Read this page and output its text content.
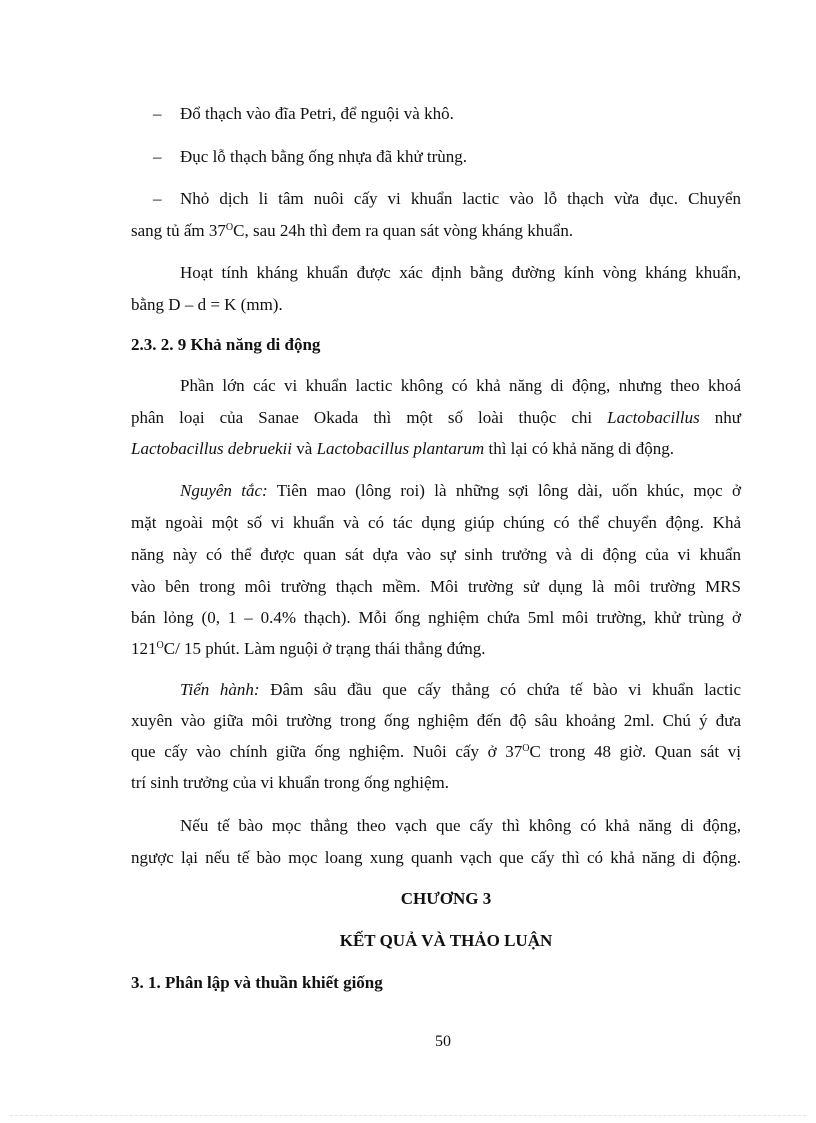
– Đổ thạch vào đĩa Petri, để nguội và khô.
– Đục lỗ thạch bằng ống nhựa đã khử trùng.
– Nhỏ dịch li tâm nuôi cấy vi khuẩn lactic vào lỗ thạch vừa đục. Chuyển
sang tủ ấm $37^OC$, sau 24h thì đem ra quan sát vòng kháng khuẩn.
Hoạt tính kháng khuẩn được xác định bằng đường kính vòng kháng khuẩn,
bằng D – d = K (mm).
2.3. 2. 9 Khả năng di động
Phần lớn các vi khuẩn lactic không có khả năng di động, nhưng theo khoá
phân loại của Sanae Okada thì một số loài thuộc chi Lactobacillus như
Lactobacillus debruekii và Lactobacillus plantarum thì lại có khả năng di động.
Nguyên tắc: Tiên mao (lông roi) là những sợi lông dài, uốn khúc, mọc ở
mặt ngoài một số vi khuẩn và có tác dụng giúp chúng có thể chuyển động. Khả
năng này có thể được quan sát dựa vào sự sinh trưởng và di động của vi khuẩn
vào bên trong môi trường thạch mềm. Môi trường sử dụng là môi trường MRS
bán lỏng (0, 1 – 0.4% thạch). Mỗi ống nghiệm chứa 5ml môi trường, khử trùng ở
$121^OC/$ 15 phút. Làm nguội ở trạng thái thẳng đứng.
Tiến hành: Đâm sâu đầu que cấy thẳng có chứa tế bào vi khuẩn lactic
xuyên vào giữa môi trường trong ống nghiệm đến độ sâu khoảng 2ml. Chú ý đưa
que cấy vào chính giữa ống nghiệm. Nuôi cấy ở $37^OC$ trong 48 giờ. Quan sát vị
trí sinh trưởng của vi khuẩn trong ống nghiệm.
Nếu tế bào mọc thẳng theo vạch que cấy thì không có khả năng di động,
ngược lại nếu tế bào mọc loang xung quanh vạch que cấy thì có khả năng di động.
CHƯƠNG 3
KẾT QUẢ VÀ THẢO LUẬN
3. 1. Phân lập và thuần khiết giống
50
